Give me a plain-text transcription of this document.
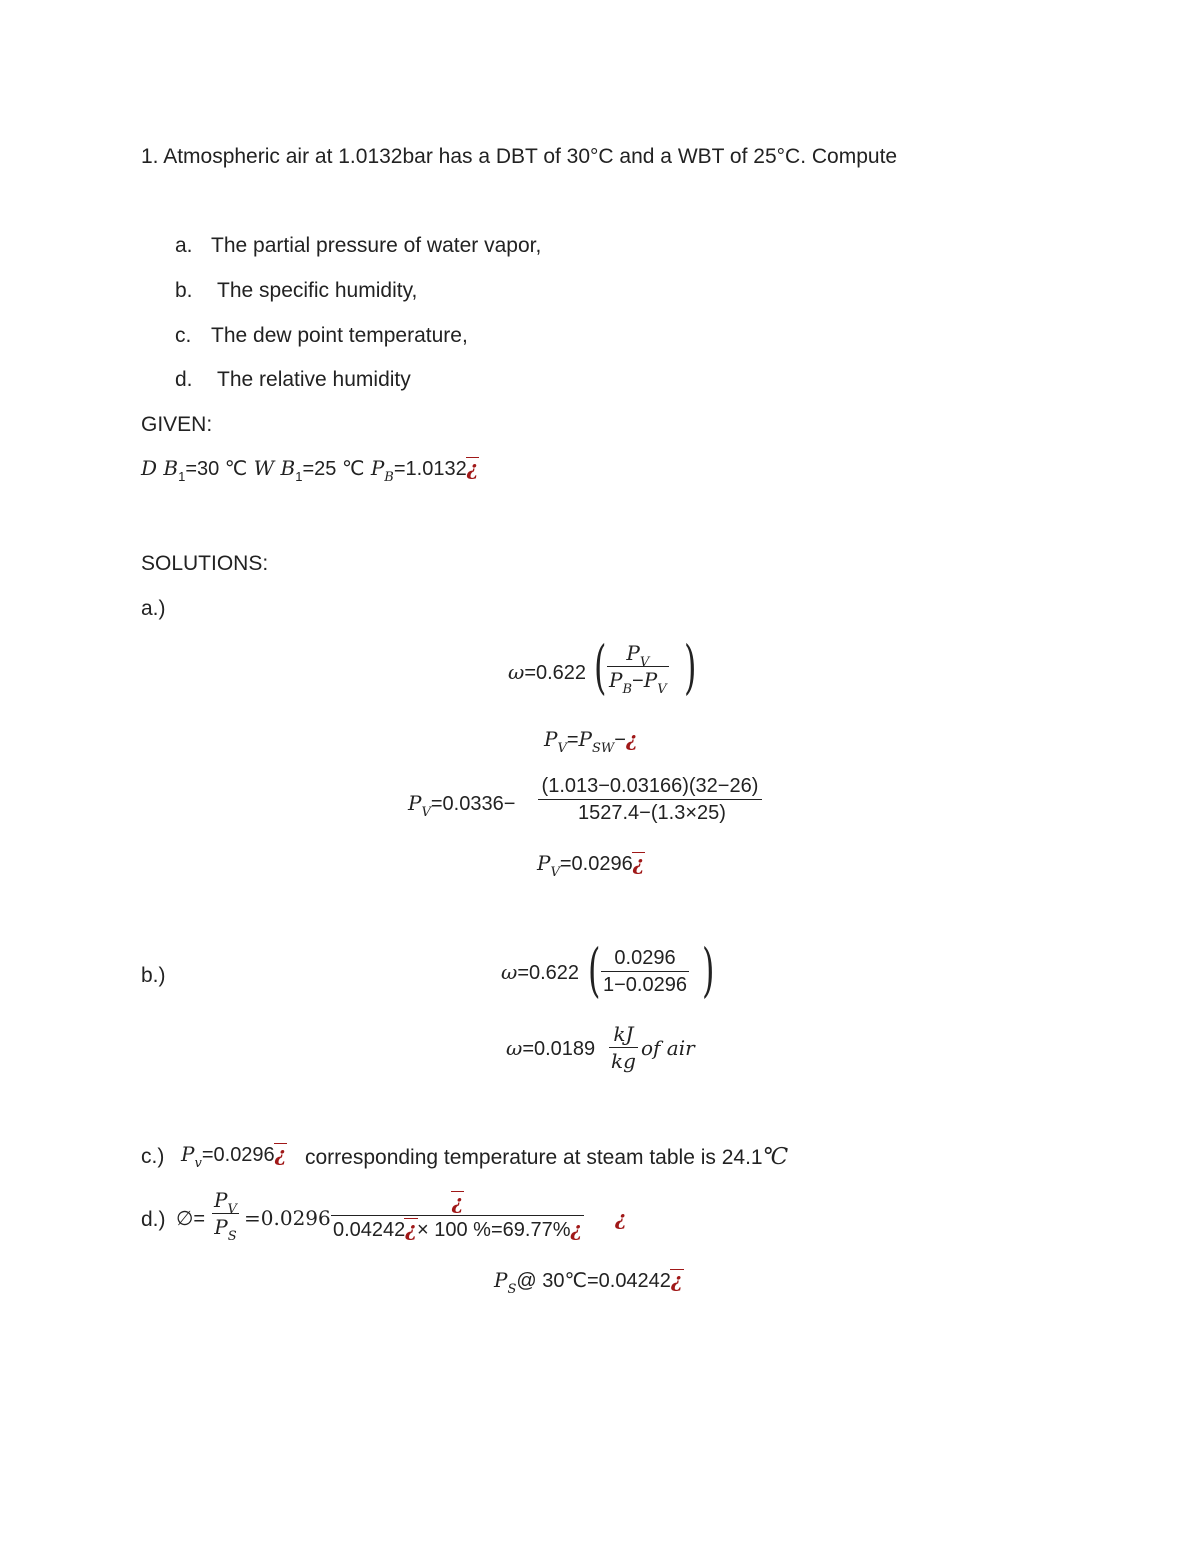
1. Atmospheric air at 1.0132bar has a DBT of 30°C and a WBT of 25°C. Compute
a. The partial pressure of water vapor,
b. The specific humidity,
c. The dew point temperature,
d. The relative humidity
GIVEN:
D $B_1=30$ ℃ W $B_1=25$ ℃ $P_B=1.0132¿$
SOLUTIONS:
a.)
ω=0.622 ( $\frac{P_V}{P_B-P_V}$ )
$P_V=P_{SW}-¿$
$P_V=0.0336- \frac{(1.013-0.03166)(32-26)}{1527.4-(1.3\times 25)}$
$P_V=0.0296¿$
b.)	ω=0.622 ( $\frac{0.0296}{1-0.0296}$ )
$\omega=0.0189 \frac{kJ}{kg}$ of air
c.) $P_v=0.0296¿$ corresponding temperature at steam table is 24.1℃
d.) ∅= $\frac{P_V}{P_S} =0.0296$
¿
0.04242¿× 100 %=69.77%¿ ¿
$P_S@$ 30℃=0.04242¿
